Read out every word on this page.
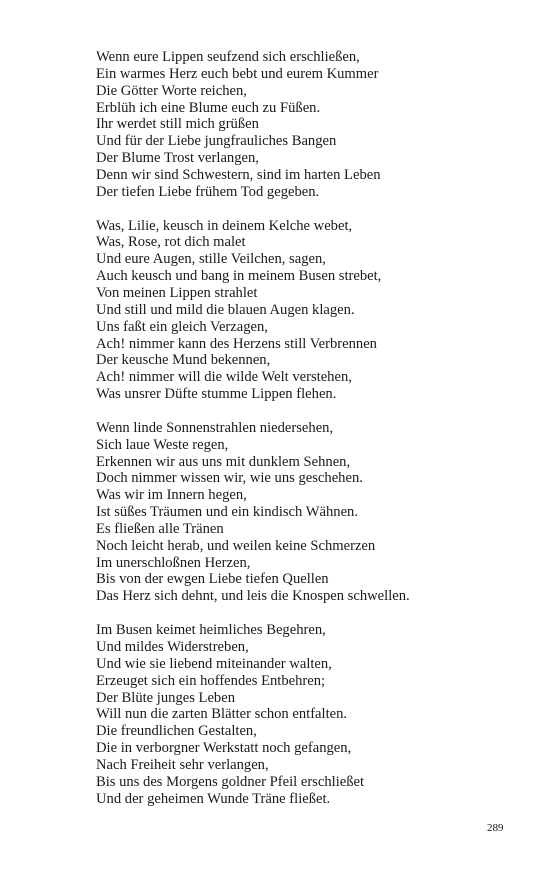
Wenn eure Lippen seufzend sich erschließen,
Ein warmes Herz euch bebt und eurem Kummer
Die Götter Worte reichen,
Erblüh ich eine Blume euch zu Füßen.
Ihr werdet still mich grüßen
Und für der Liebe jungfrauliches Bangen
Der Blume Trost verlangen,
Denn wir sind Schwestern, sind im harten Leben
Der tiefen Liebe frühem Tod gegeben.
Was, Lilie, keusch in deinem Kelche webet,
Was, Rose, rot dich malet
Und eure Augen, stille Veilchen, sagen,
Auch keusch und bang in meinem Busen strebet,
Von meinen Lippen strahlet
Und still und mild die blauen Augen klagen.
Uns faßt ein gleich Verzagen,
Ach! nimmer kann des Herzens still Verbrennen
Der keusche Mund bekennen,
Ach! nimmer will die wilde Welt verstehen,
Was unsrer Düfte stumme Lippen flehen.
Wenn linde Sonnenstrahlen niedersehen,
Sich laue Weste regen,
Erkennen wir aus uns mit dunklem Sehnen,
Doch nimmer wissen wir, wie uns geschehen.
Was wir im Innern hegen,
Ist süßes Träumen und ein kindisch Wähnen.
Es fließen alle Tränen
Noch leicht herab, und weilen keine Schmerzen
Im unerschloßnen Herzen,
Bis von der ewgen Liebe tiefen Quellen
Das Herz sich dehnt, und leis die Knospen schwellen.
Im Busen keimet heimliches Begehren,
Und mildes Widerstreben,
Und wie sie liebend miteinander walten,
Erzeuget sich ein hoffendes Entbehren;
Der Blüte junges Leben
Will nun die zarten Blätter schon entfalten.
Die freundlichen Gestalten,
Die in verborgner Werkstatt noch gefangen,
Nach Freiheit sehr verlangen,
Bis uns des Morgens goldner Pfeil erschließet
Und der geheimen Wunde Träne fließet.
289
